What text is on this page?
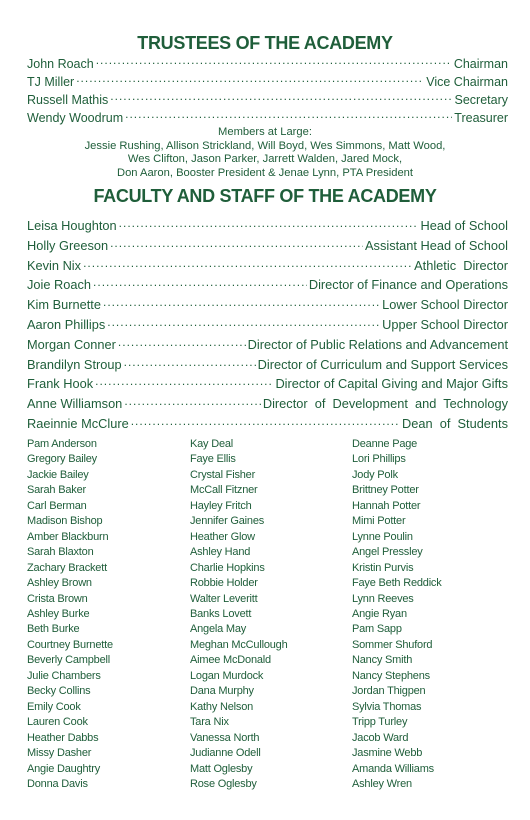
TRUSTEES OF THE ACADEMY
John Roach .....	Chairman
TJ Miller .....	Vice Chairman
Russell Mathis .....	Secretary
Wendy Woodrum .....	Treasurer
Members at Large:
Jessie Rushing, Allison Strickland, Will Boyd, Wes Simmons, Matt Wood,
Wes Clifton, Jason Parker, Jarrett Walden, Jared Mock,
Don Aaron, Booster President & Jenae Lynn, PTA President
FACULTY AND STAFF OF THE ACADEMY
Leisa Houghton .....	Head of School
Holly Greeson .....	Assistant Head of School
Kevin Nix .....	Athletic  Director
Joie Roach .....	Director of Finance and Operations
Kim Burnette .....	Lower School Director
Aaron Phillips .....	Upper School Director
Morgan Conner .....	Director of Public Relations and Advancement
Brandilyn Stroup .....	Director of Curriculum and Support Services
Frank Hook .....	Director of Capital Giving and Major Gifts
Anne Williamson .....	Director  of  Development  and  Technology
Raeinnie McClure .....	Dean  of  Students
Pam Anderson
Gregory Bailey
Jackie Bailey
Sarah Baker
Carl Berman
Madison Bishop
Amber Blackburn
Sarah Blaxton
Zachary Brackett
Ashley Brown
Crista Brown
Ashley Burke
Beth Burke
Courtney Burnette
Beverly Campbell
Julie Chambers
Becky Collins
Emily Cook
Lauren Cook
Heather Dabbs
Missy Dasher
Angie Daughtry
Donna Davis
Kay Deal
Faye Ellis
Crystal Fisher
McCall Fitzner
Hayley Fritch
Jennifer Gaines
Heather Glow
Ashley Hand
Charlie Hopkins
Robbie Holder
Walter Leveritt
Banks Lovett
Angela May
Meghan McCullough
Aimee McDonald
Logan Murdock
Dana Murphy
Kathy Nelson
Tara Nix
Vanessa North
Judianne Odell
Matt Oglesby
Rose Oglesby
Deanne Page
Lori Phillips
Jody Polk
Brittney Potter
Hannah Potter
Mimi Potter
Lynne Poulin
Angel Pressley
Kristin Purvis
Faye Beth Reddick
Lynn Reeves
Angie Ryan
Pam Sapp
Sommer Shuford
Nancy Smith
Nancy Stephens
Jordan Thigpen
Sylvia Thomas
Tripp Turley
Jacob Ward
Jasmine Webb
Amanda Williams
Ashley Wren
